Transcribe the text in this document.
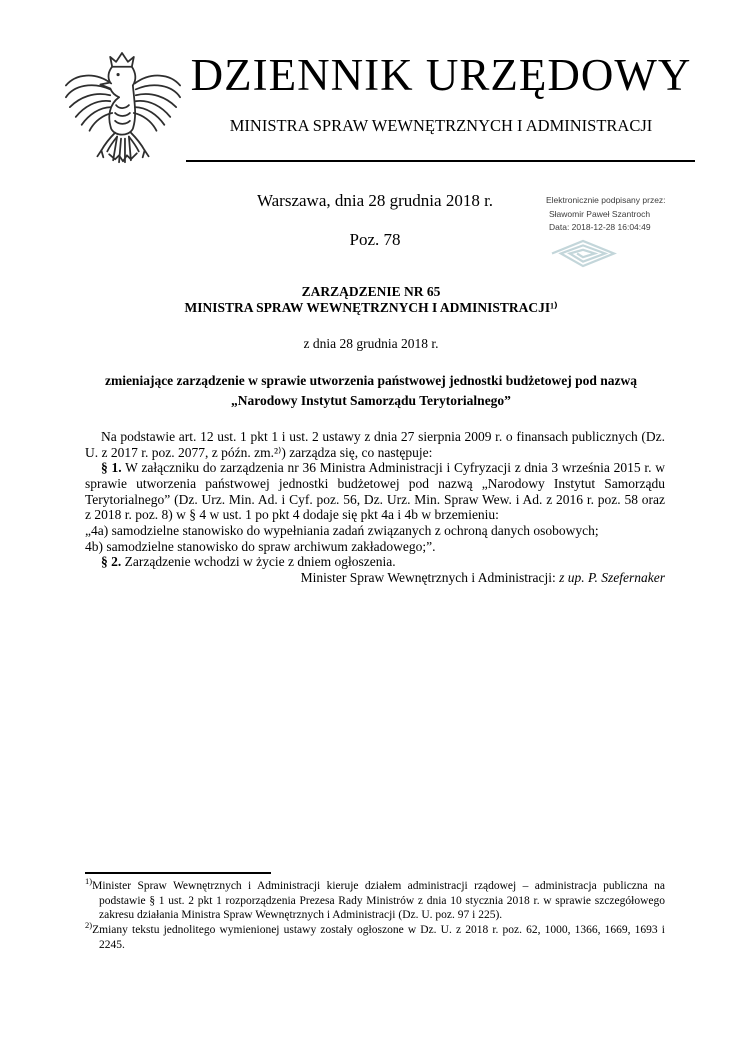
DZIENNIK URZĘDOWY
MINISTRA SPRAW WEWNĘTRZNYCH I ADMINISTRACJI
Warszawa, dnia 28 grudnia 2018 r.
Poz. 78
Elektronicznie podpisany przez:
Sławomir Paweł Szantroch
Data: 2018-12-28 16:04:49
ZARZĄDZENIE NR 65
MINISTRA SPRAW WEWNĘTRZNYCH I ADMINISTRACJI¹⁾
z dnia 28 grudnia 2018 r.
zmieniające zarządzenie w sprawie utworzenia państwowej jednostki budżetowej pod nazwą „Narodowy Instytut Samorządu Terytorialnego”

Na podstawie art. 12 ust. 1 pkt 1 i ust. 2 ustawy z dnia 27 sierpnia 2009 r. o finansach publicznych (Dz. U. z 2017 r. poz. 2077, z późn. zm.²⁾) zarządza się, co następuje:

§ 1. W załączniku do zarządzenia nr 36 Ministra Administracji i Cyfryzacji z dnia 3 września 2015 r. w sprawie utworzenia państwowej jednostki budżetowej pod nazwą „Narodowy Instytut Samorządu Terytorialnego” (Dz. Urz. Min. Ad. i Cyf. poz. 56, Dz. Urz. Min. Spraw Wew. i Ad. z 2016 r. poz. 58 oraz z 2018 r. poz. 8) w § 4 w ust. 1 po pkt 4 dodaje się pkt 4a i 4b w brzemieniu:

„4a) samodzielne stanowisko do wypełniania zadań związanych z ochroną danych osobowych;

4b) samodzielne stanowisko do spraw archiwum zakładowego;”.

§ 2. Zarządzenie wchodzi w życie z dniem ogłoszenia.

Minister Spraw Wewnętrznych i Administracji: z up. P. Szefernaker

$^{1)}$Minister Spraw Wewnętrznych i Administracji kieruje działem administracji rządowej – administracja publiczna na podstawie § 1 ust. 2 pkt 1 rozporządzenia Prezesa Rady Ministrów z dnia 10 stycznia 2018 r. w sprawie szczegółowego zakresu działania Ministra Spraw Wewnętrznych i Administracji (Dz. U. poz. 97 i 225).

$^{2)}$Zmiany tekstu jednolitego wymienionej ustawy zostały ogłoszone w Dz. U. z 2018 r. poz. 62, 1000, 1366, 1669, 1693 i 2245.
